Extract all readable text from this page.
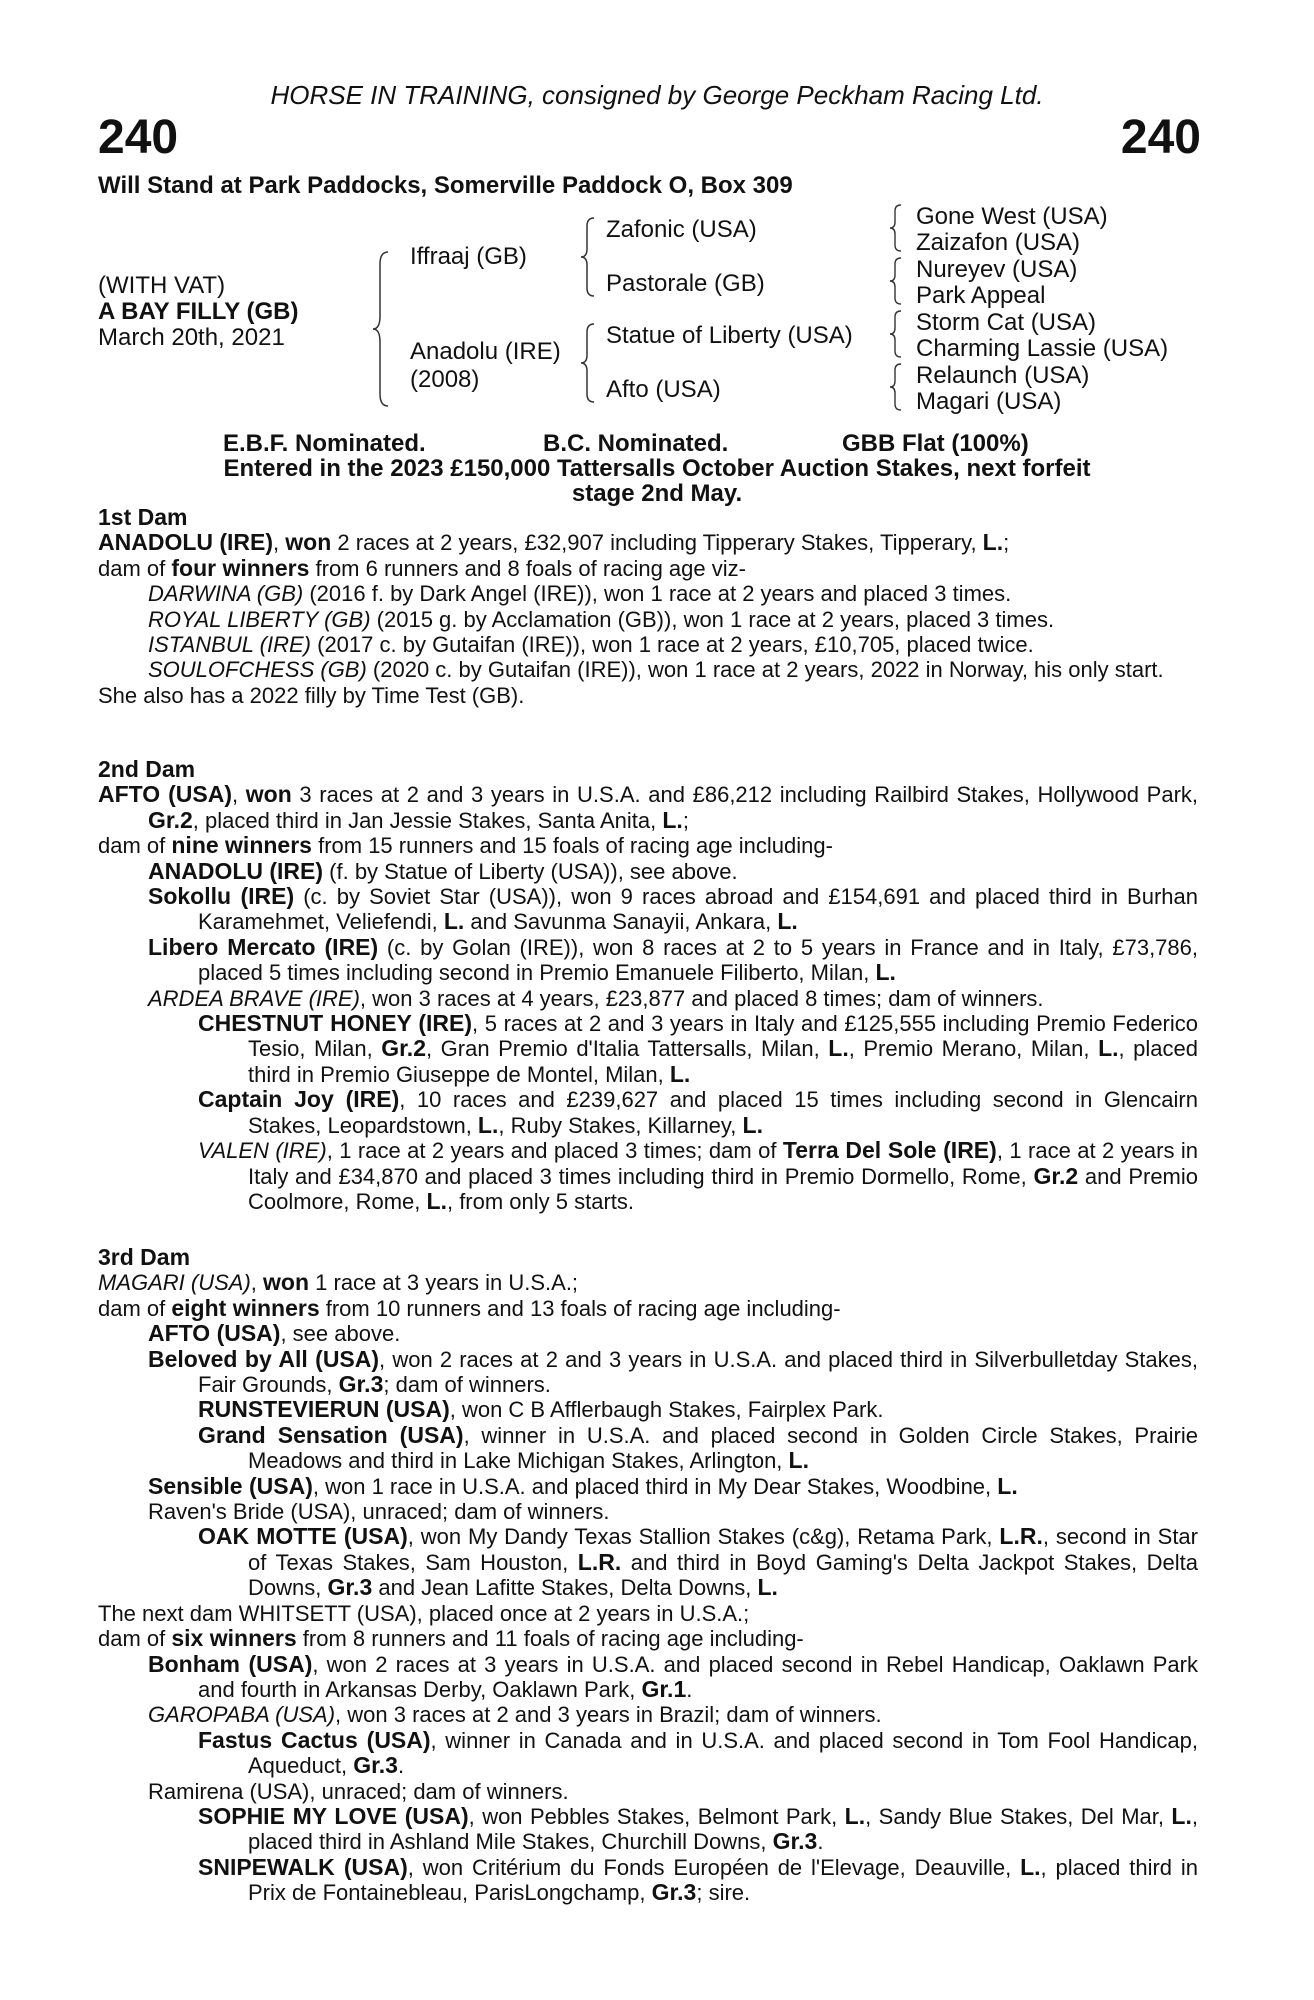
HORSE IN TRAINING, consigned by George Peckham Racing Ltd.
240	240
Will Stand at Park Paddocks, Somerville Paddock O, Box 309
(WITH VAT)
A BAY FILLY (GB)
March 20th, 2021
Iffraaj (GB)
Anadolu (IRE)
(2008)
Zafonic (USA)
Pastorale (GB)
Statue of Liberty (USA)
Afto (USA)
Gone West (USA)
Zaizafon (USA)
Nureyev (USA)
Park Appeal
Storm Cat (USA)
Charming Lassie (USA)
Relaunch (USA)
Magari (USA)
E.B.F. Nominated.	B.C. Nominated.	GBB Flat (100%)
Entered in the 2023 £150,000 Tattersalls October Auction Stakes, next forfeit
stage 2nd May.

1st Dam

ANADOLU (IRE), won 2 races at 2 years, £32,907 including Tipperary Stakes, Tipperary, L.;

dam of four winners from 6 runners and 8 foals of racing age viz-

DARWINA (GB) (2016 f. by Dark Angel (IRE)), won 1 race at 2 years and placed 3 times.

ROYAL LIBERTY (GB) (2015 g. by Acclamation (GB)), won 1 race at 2 years, placed 3 times.

ISTANBUL (IRE) (2017 c. by Gutaifan (IRE)), won 1 race at 2 years, £10,705, placed twice.

SOULOFCHESS (GB) (2020 c. by Gutaifan (IRE)), won 1 race at 2 years, 2022 in Norway, his only start.

She also has a 2022 filly by Time Test (GB).

2nd Dam

AFTO (USA), won 3 races at 2 and 3 years in U.S.A. and £86,212 including Railbird Stakes, Hollywood Park, Gr.2, placed third in Jan Jessie Stakes, Santa Anita, L.;

dam of nine winners from 15 runners and 15 foals of racing age including-

ANADOLU (IRE) (f. by Statue of Liberty (USA)), see above.

Sokollu (IRE) (c. by Soviet Star (USA)), won 9 races abroad and £154,691 and placed third in Burhan Karamehmet, Veliefendi, L. and Savunma Sanayii, Ankara, L.

Libero Mercato (IRE) (c. by Golan (IRE)), won 8 races at 2 to 5 years in France and in Italy, £73,786, placed 5 times including second in Premio Emanuele Filiberto, Milan, L.

ARDEA BRAVE (IRE), won 3 races at 4 years, £23,877 and placed 8 times; dam of winners.

CHESTNUT HONEY (IRE), 5 races at 2 and 3 years in Italy and £125,555 including Premio Federico Tesio, Milan, Gr.2, Gran Premio d'Italia Tattersalls, Milan, L., Premio Merano, Milan, L., placed third in Premio Giuseppe de Montel, Milan, L.

Captain Joy (IRE), 10 races and £239,627 and placed 15 times including second in Glencairn Stakes, Leopardstown, L., Ruby Stakes, Killarney, L.

VALEN (IRE), 1 race at 2 years and placed 3 times; dam of Terra Del Sole (IRE), 1 race at 2 years in Italy and £34,870 and placed 3 times including third in Premio Dormello, Rome, Gr.2 and Premio Coolmore, Rome, L., from only 5 starts.

3rd Dam

MAGARI (USA), won 1 race at 3 years in U.S.A.;

dam of eight winners from 10 runners and 13 foals of racing age including-

AFTO (USA), see above.

Beloved by All (USA), won 2 races at 2 and 3 years in U.S.A. and placed third in Silverbulletday Stakes, Fair Grounds, Gr.3; dam of winners.

RUNSTEVIERUN (USA), won C B Afflerbaugh Stakes, Fairplex Park.

Grand Sensation (USA), winner in U.S.A. and placed second in Golden Circle Stakes, Prairie Meadows and third in Lake Michigan Stakes, Arlington, L.

Sensible (USA), won 1 race in U.S.A. and placed third in My Dear Stakes, Woodbine, L.

Raven's Bride (USA), unraced; dam of winners.

OAK MOTTE (USA), won My Dandy Texas Stallion Stakes (c&g), Retama Park, L.R., second in Star of Texas Stakes, Sam Houston, L.R. and third in Boyd Gaming's Delta Jackpot Stakes, Delta Downs, Gr.3 and Jean Lafitte Stakes, Delta Downs, L.

The next dam WHITSETT (USA), placed once at 2 years in U.S.A.;

dam of six winners from 8 runners and 11 foals of racing age including-

Bonham (USA), won 2 races at 3 years in U.S.A. and placed second in Rebel Handicap, Oaklawn Park and fourth in Arkansas Derby, Oaklawn Park, Gr.1.

GAROPABA (USA), won 3 races at 2 and 3 years in Brazil; dam of winners.

Fastus Cactus (USA), winner in Canada and in U.S.A. and placed second in Tom Fool Handicap, Aqueduct, Gr.3.

Ramirena (USA), unraced; dam of winners.

SOPHIE MY LOVE (USA), won Pebbles Stakes, Belmont Park, L., Sandy Blue Stakes, Del Mar, L., placed third in Ashland Mile Stakes, Churchill Downs, Gr.3.

SNIPEWALK (USA), won Critérium du Fonds Européen de l'Elevage, Deauville, L., placed third in Prix de Fontainebleau, ParisLongchamp, Gr.3; sire.
